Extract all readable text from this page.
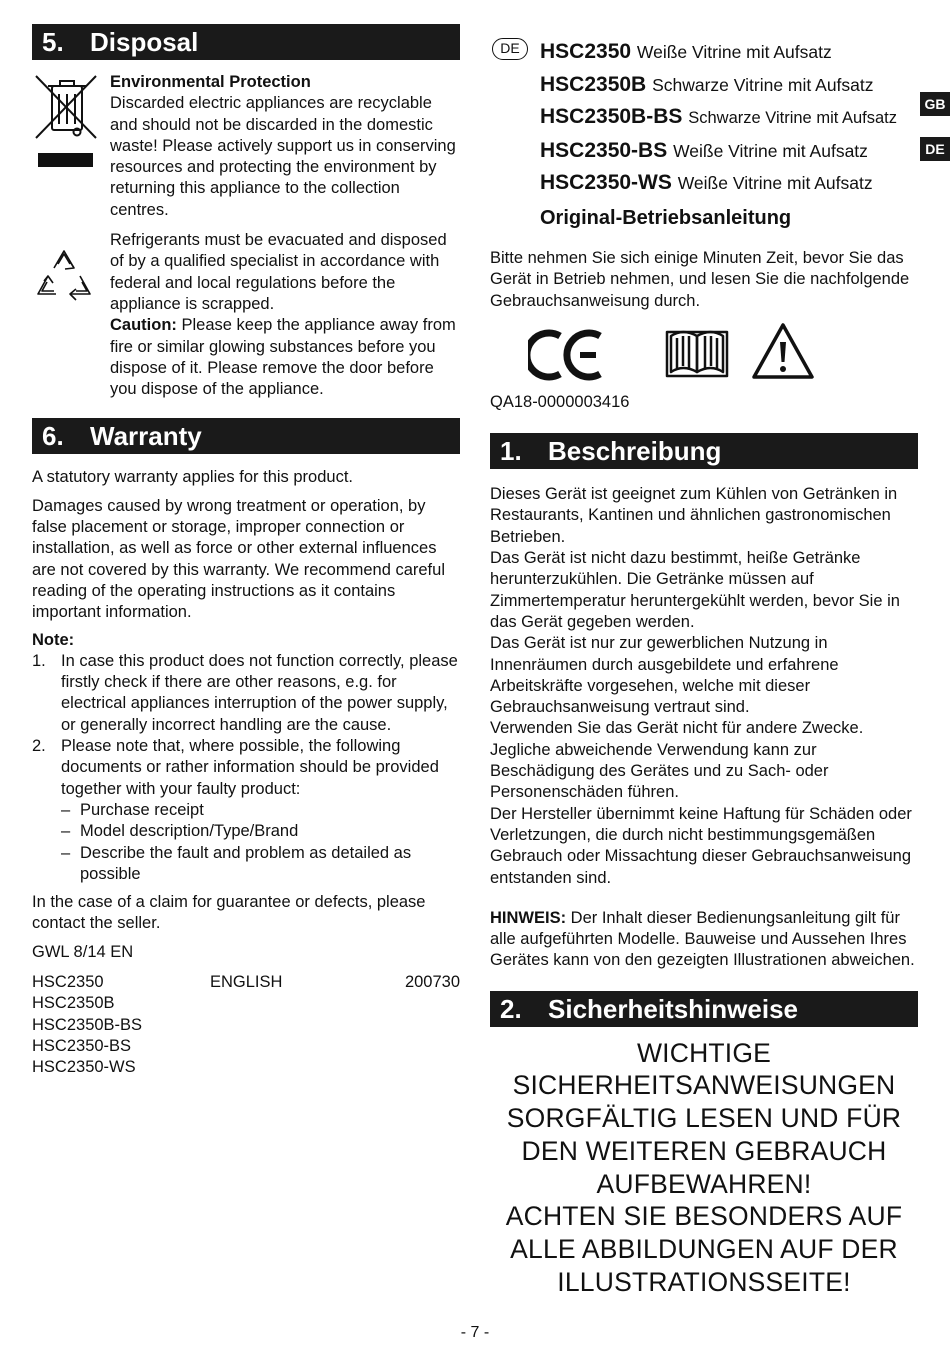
5. Disposal

Environmental Protection

Discarded electric appliances are recyclable and should not be discarded in the domestic waste! Please actively support us in conserving resources and protecting the environment by returning this appliance to the collection centres.

Refrigerants must be evacuated and disposed of by a qualified specialist in accordance with federal and local regulations before the appliance is scrapped.

Caution: Please keep the appliance away from fire or similar glowing substances before you dispose of it. Please remove the door before you dispose of the appliance.

6. Warranty

A statutory warranty applies for this product.

Damages caused by wrong treatment or operation, by false placement or storage, improper connection or installation, as well as force or other external influences are not covered by this warranty. We recommend careful reading of the operating instructions as it contains important information.

Note:

1. In case this product does not function correctly, please firstly check if there are other reasons, e.g. for electrical appliances interruption of the power supply, or generally incorrect handling are the cause.
2. Please note that, where possible, the following documents or rather information should be provided together with your faulty product:
– Purchase receipt
– Model description/Type/Brand
– Describe the fault and problem as detailed as possible

In the case of a claim for guarantee or defects, please contact the seller.

GWL 8/14 EN

HSC2350

HSC2350B

HSC2350B-BS

HSC2350-BS

HSC2350-WS

ENGLISH	200730

DE HSC2350 Weiße Vitrine mit Aufsatz
HSC2350B Schwarze Vitrine mit Aufsatz
HSC2350B-BS Schwarze Vitrine mit Aufsatz
HSC2350-BS Weiße Vitrine mit Aufsatz
HSC2350-WS Weiße Vitrine mit Aufsatz
Original-Betriebsanleitung

Bitte nehmen Sie sich einige Minuten Zeit, bevor Sie das Gerät in Betrieb nehmen, und lesen Sie die nachfolgende Gebrauchsanweisung durch.

QA18-0000003416

1. Beschreibung

Dieses Gerät ist geeignet zum Kühlen von Getränken in Restaurants, Kantinen und ähnlichen gastronomischen Betrieben.

Das Gerät ist nicht dazu bestimmt, heiße Getränke herunterzukühlen. Die Getränke müssen auf Zimmertemperatur heruntergekühlt werden, bevor Sie in das Gerät gegeben werden.

Das Gerät ist nur zur gewerblichen Nutzung in Innenräumen durch ausgebildete und erfahrene Arbeitskräfte vorgesehen, welche mit dieser Gebrauchsanweisung vertraut sind.

Verwenden Sie das Gerät nicht für andere Zwecke. Jegliche abweichende Verwendung kann zur Beschädigung des Gerätes und zu Sach- oder Personenschäden führen.

Der Hersteller übernimmt keine Haftung für Schäden oder Verletzungen, die durch nicht bestimmungsgemäßen Gebrauch oder Missachtung dieser Gebrauchsanweisung entstanden sind.

HINWEIS: Der Inhalt dieser Bedienungsanleitung gilt für alle aufgeführten Modelle. Bauweise und Aussehen Ihres Gerätes kann von den gezeigten Illustrationen abweichen.

2. Sicherheitshinweise
WICHTIGE
SICHERHEITSANWEISUNGEN
SORGFÄLTIG LESEN UND FÜR
DEN WEITEREN GEBRAUCH
AUFBEWAHREN!
ACHTEN SIE BESONDERS AUF
ALLE ABBILDUNGEN AUF DER
ILLUSTRATIONSSEITE!
GB
DE
- 7 -
